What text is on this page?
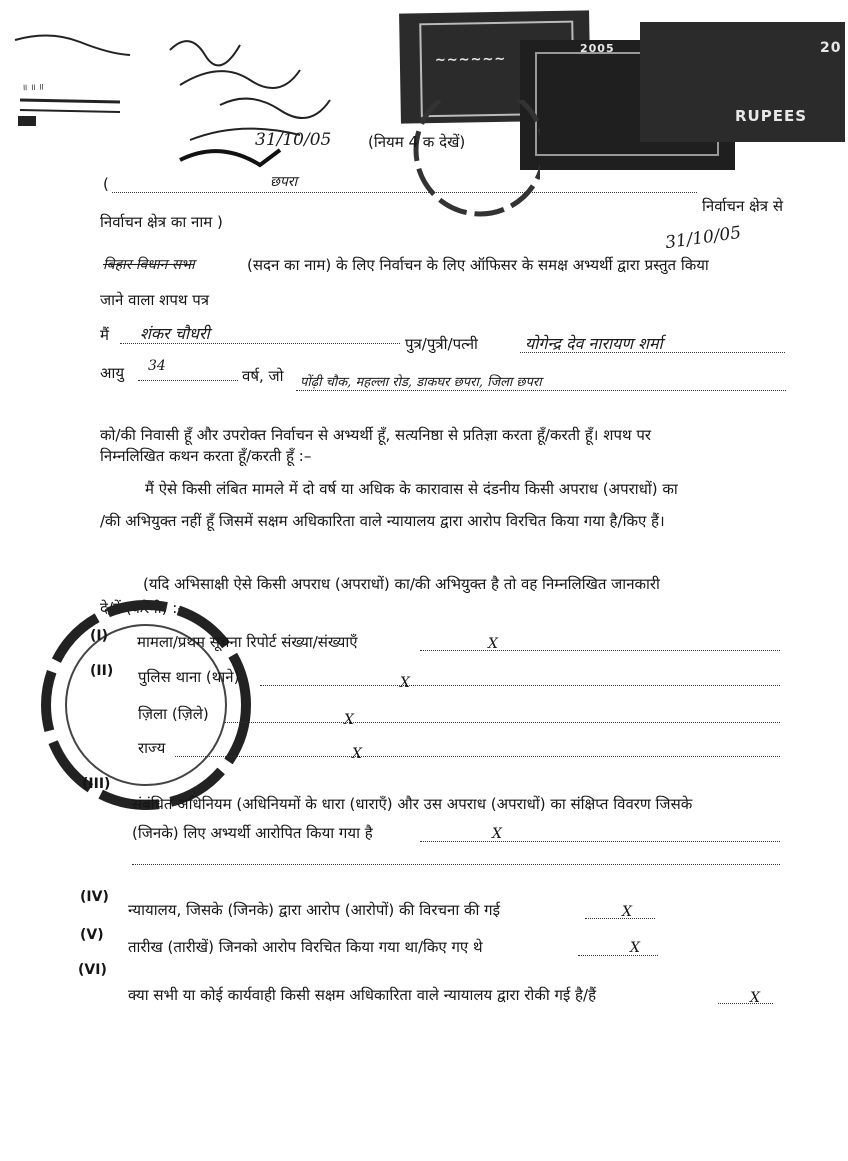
॥ ॥ ॥
~~~~~~
2005
RUPEES
20
31/10/05 (नियम 4 क देखें)
(	छपरा
निर्वाचन क्षेत्र से
निर्वाचन क्षेत्र का नाम )
31/10/05
बिहार विधान सभा	(सदन का नाम) के लिए निर्वाचन के लिए ऑफिसर के समक्ष अभ्यर्थी द्वारा प्रस्तुत किया
जाने वाला शपथ पत्र
मैं शंकर चौधरी
पुत्र/पुत्री/पत्नी	योगेन्द्र देव नारायण शर्मा
आयु 34
वर्ष, जो पोंढ़ी चौक, महल्ला रोड, डाकघर छपरा, जिला छपरा
को/की निवासी हूँ और उपरोक्त निर्वाचन से अभ्यर्थी हूँ, सत्यनिष्ठा से प्रतिज्ञा करता हूँ/करती हूँ। शपथ पर
निम्नलिखित कथन करता हूँ/करती हूँ :–
मैं ऐसे किसी लंबित मामले में दो वर्ष या अधिक के कारावास से दंडनीय किसी अपराध (अपराधों) का
/की अभियुक्त नहीं हूँ जिसमें सक्षम अधिकारिता वाले न्यायालय द्वारा आरोप विरचित किया गया है/किए हैं।
(यदि अभिसाक्षी ऐसे किसी अपराध (अपराधों) का/की अभियुक्त है तो वह निम्नलिखित जानकारी
दे/दें (करेगी) :–
(I) मामला/प्रथम सूचना रिपोर्ट संख्या/संख्याएँ	X
(II) पुलिस थाना (थाने)	X
ज़िला (ज़िले)	X
राज्य	X
(III)
संबंधित अधिनियम (अधिनियमों के धारा (धाराएँ) और उस अपराध (अपराधों) का संक्षिप्त विवरण जिसके
(जिनके) लिए अभ्यर्थी आरोपित किया गया है	X
(IV)
न्यायालय, जिसके (जिनके) द्वारा आरोप (आरोपों) की विरचना की गई	X
(V)
तारीख (तारीखें) जिनको आरोप विरचित किया गया था/किए गए थे	X
(VI)
क्या सभी या कोई कार्यवाही किसी सक्षम अधिकारिता वाले न्यायालय द्वारा रोकी गई है/हैं	X
